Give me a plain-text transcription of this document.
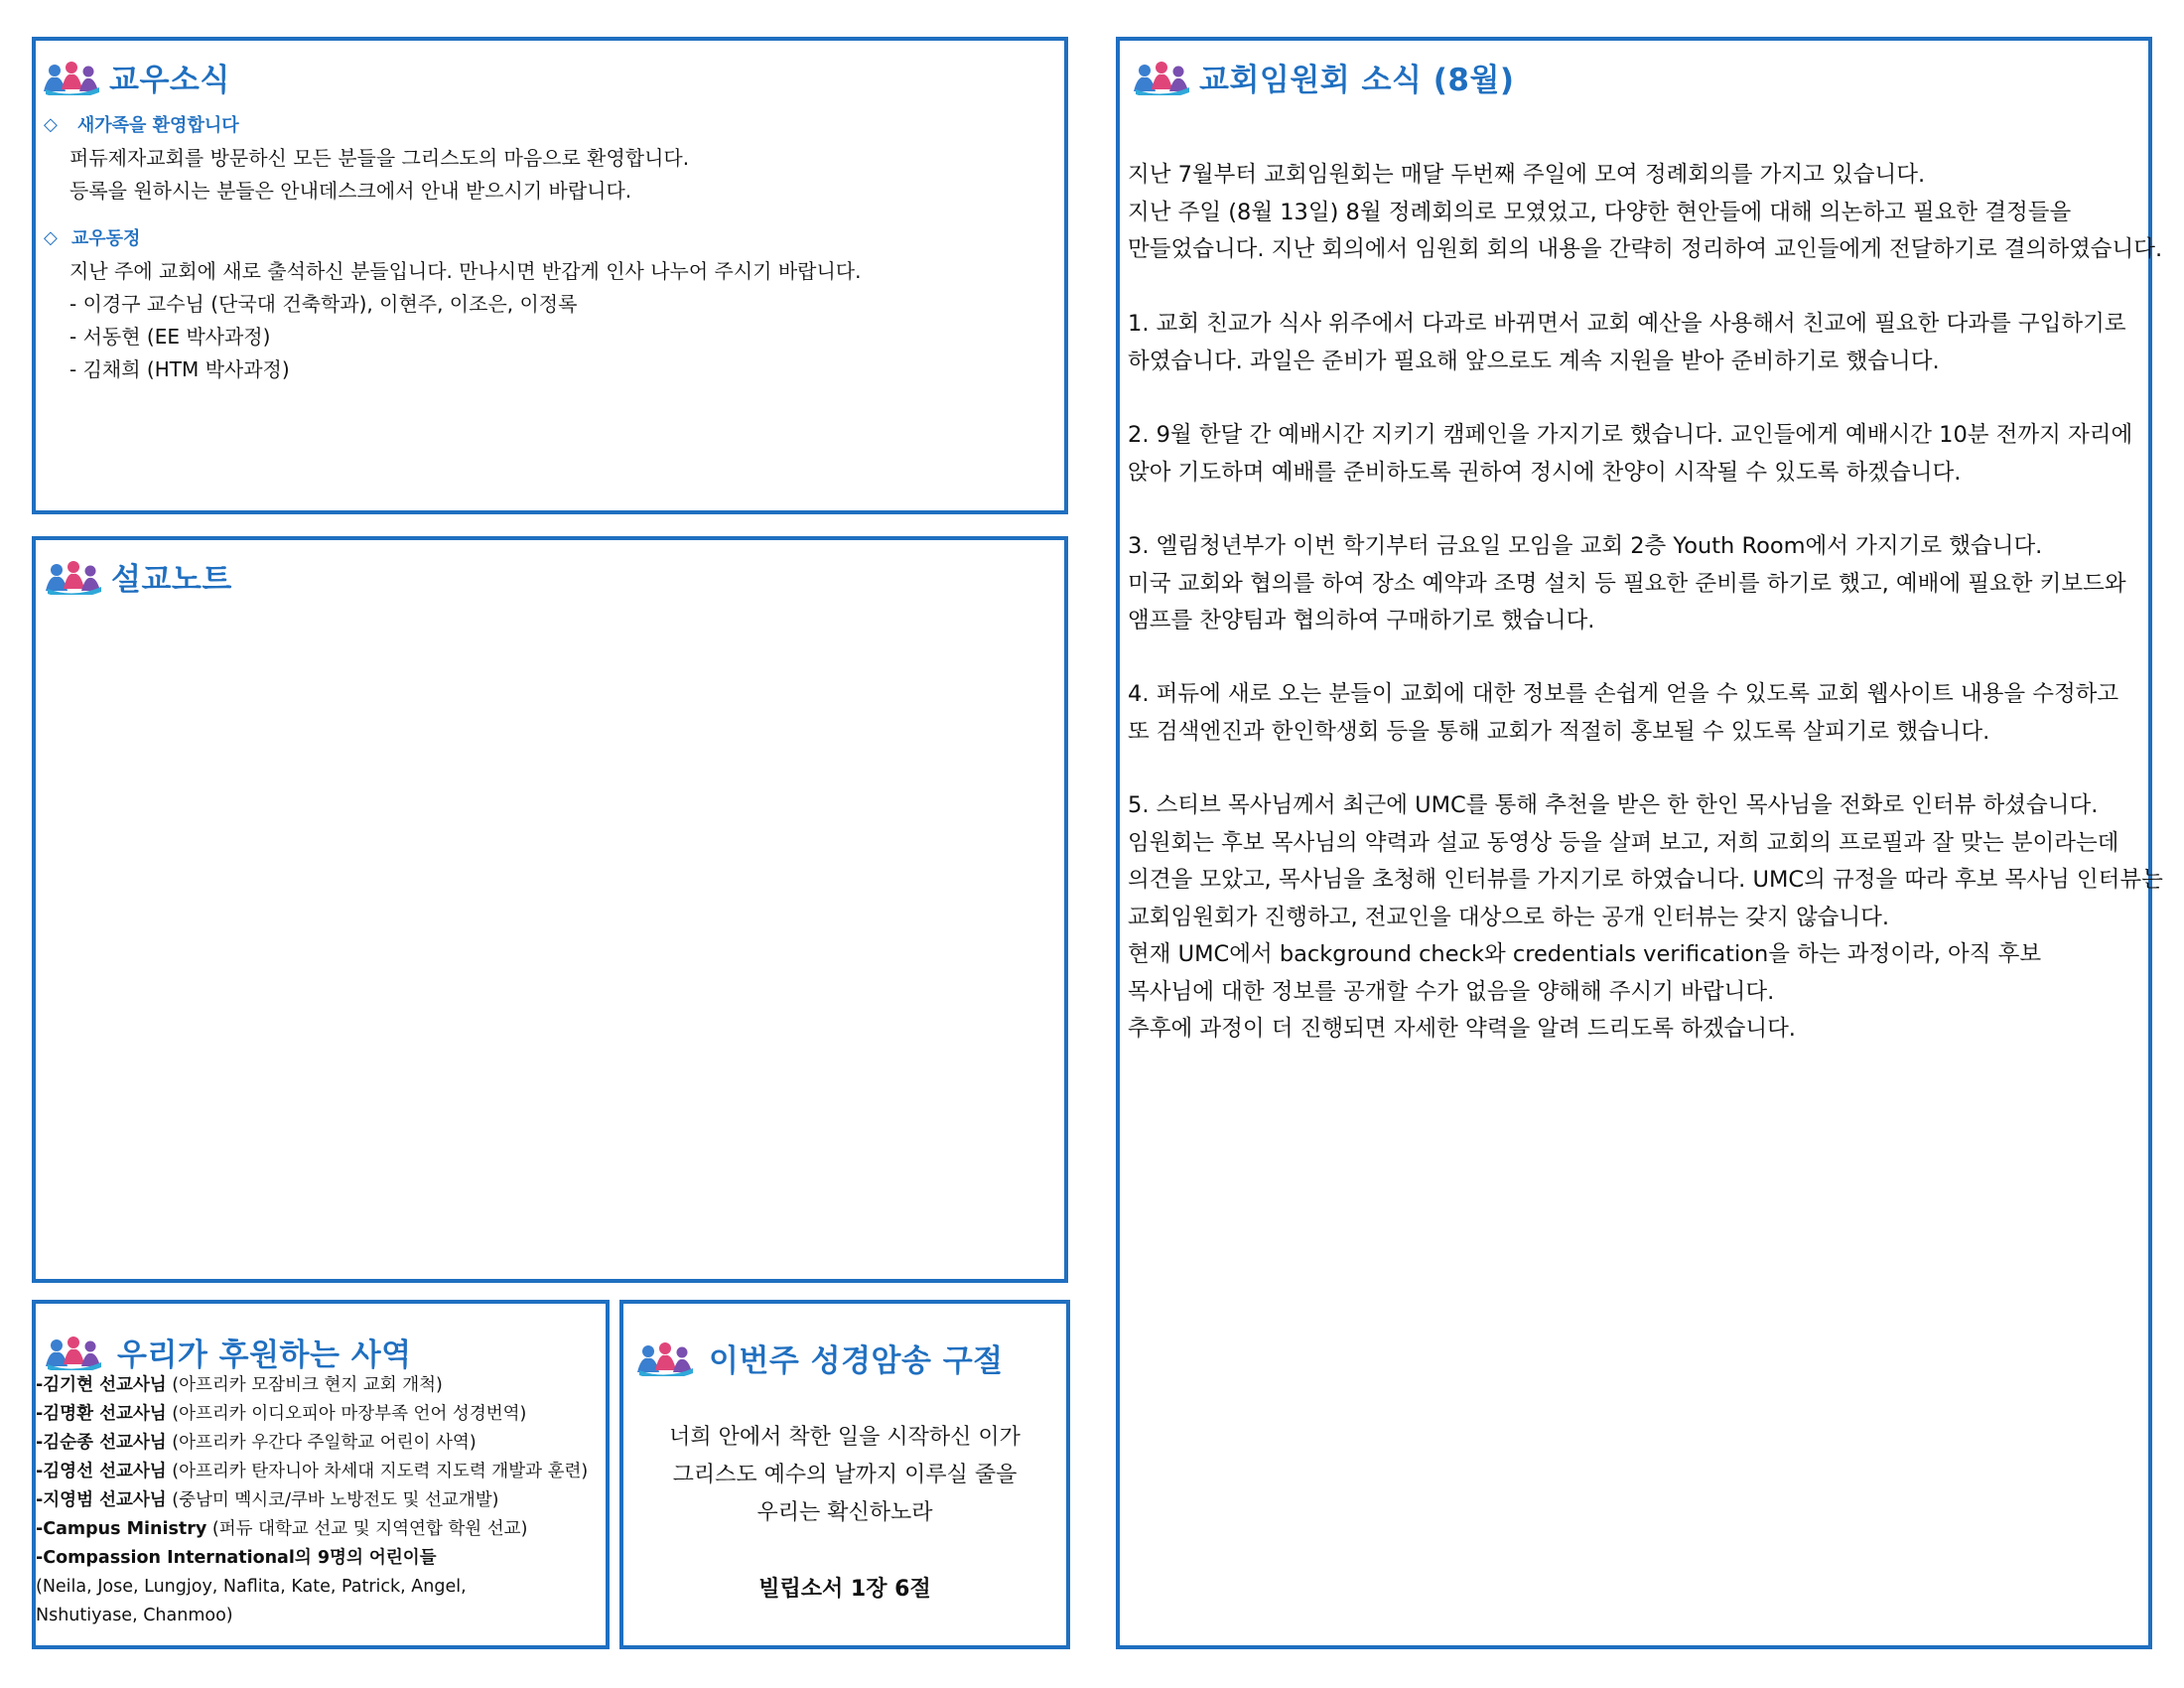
교우소식
◇ 새가족을 환영합니다
퍼듀제자교회를 방문하신 모든 분들을 그리스도의 마음으로 환영합니다.
등록을 원하시는 분들은 안내데스크에서 안내 받으시기 바랍니다.
◇ 교우동정
지난 주에 교회에 새로 출석하신 분들입니다. 만나시면 반갑게 인사 나누어 주시기 바랍니다.
- 이경구 교수님 (단국대 건축학과), 이현주, 이조은, 이정록
- 서동현 (EE 박사과정)
- 김채희 (HTM 박사과정)
설교노트
우리가 후원하는 사역
-김기현 선교사님 (아프리카 모잠비크 현지 교회 개척)
-김명환 선교사님 (아프리카 이디오피아 마장부족 언어 성경번역)
-김순종 선교사님 (아프리카 우간다 주일학교 어린이 사역)
-김영선 선교사님 (아프리카 탄자니아 차세대 지도력 지도력 개발과 훈련)
-지영범 선교사님 (중남미 멕시코/쿠바 노방전도 및 선교개발)
-Campus Ministry (퍼듀 대학교 선교 및 지역연합 학원 선교)
-Compassion International의 9명의 어린이들
(Neila, Jose, Lungjoy, Naflita, Kate, Patrick, Angel,
Nshutiyase, Chanmoo)
이번주 성경암송 구절
너희 안에서 착한 일을 시작하신 이가
그리스도 예수의 날까지 이루실 줄을
우리는 확신하노라
빌립소서 1장 6절
교회임원회 소식 (8월)
지난 7월부터 교회임원회는 매달 두번째 주일에 모여 정례회의를 가지고 있습니다.
지난 주일 (8월 13일) 8월 정례회의로 모였었고, 다양한 현안들에 대해 의논하고 필요한 결정들을
만들었습니다. 지난 회의에서 임원회 회의 내용을 간략히 정리하여 교인들에게 전달하기로 결의하였습니다.
1. 교회 친교가 식사 위주에서 다과로 바뀌면서 교회 예산을 사용해서 친교에 필요한 다과를 구입하기로
하였습니다. 과일은 준비가 필요해 앞으로도 계속 지원을 받아 준비하기로 했습니다.
2. 9월 한달 간 예배시간 지키기 캠페인을 가지기로 했습니다. 교인들에게 예배시간 10분 전까지 자리에
앉아 기도하며 예배를 준비하도록 권하여 정시에 찬양이 시작될 수 있도록 하겠습니다.
3. 엘림청년부가 이번 학기부터 금요일 모임을 교회 2층 Youth Room에서 가지기로 했습니다.
미국 교회와 협의를 하여 장소 예약과 조명 설치 등 필요한 준비를 하기로 했고, 예배에 필요한 키보드와
앰프를 찬양팀과 협의하여 구매하기로 했습니다.
4. 퍼듀에 새로 오는 분들이 교회에 대한 정보를 손쉽게 얻을 수 있도록 교회 웹사이트 내용을 수정하고
또 검색엔진과 한인학생회 등을 통해 교회가 적절히 홍보될 수 있도록 살피기로 했습니다.
5. 스티브 목사님께서 최근에 UMC를 통해 추천을 받은 한 한인 목사님을 전화로 인터뷰 하셨습니다.
임원회는 후보 목사님의 약력과 설교 동영상 등을 살펴 보고, 저희 교회의 프로필과 잘 맞는 분이라는데
의견을 모았고, 목사님을 초청해 인터뷰를 가지기로 하였습니다. UMC의 규정을 따라 후보 목사님 인터뷰는
교회임원회가 진행하고, 전교인을 대상으로 하는 공개 인터뷰는 갖지 않습니다.
현재 UMC에서 background check와 credentials verification을 하는 과정이라, 아직 후보
목사님에 대한 정보를 공개할 수가 없음을 양해해 주시기 바랍니다.
추후에 과정이 더 진행되면 자세한 약력을 알려 드리도록 하겠습니다.
